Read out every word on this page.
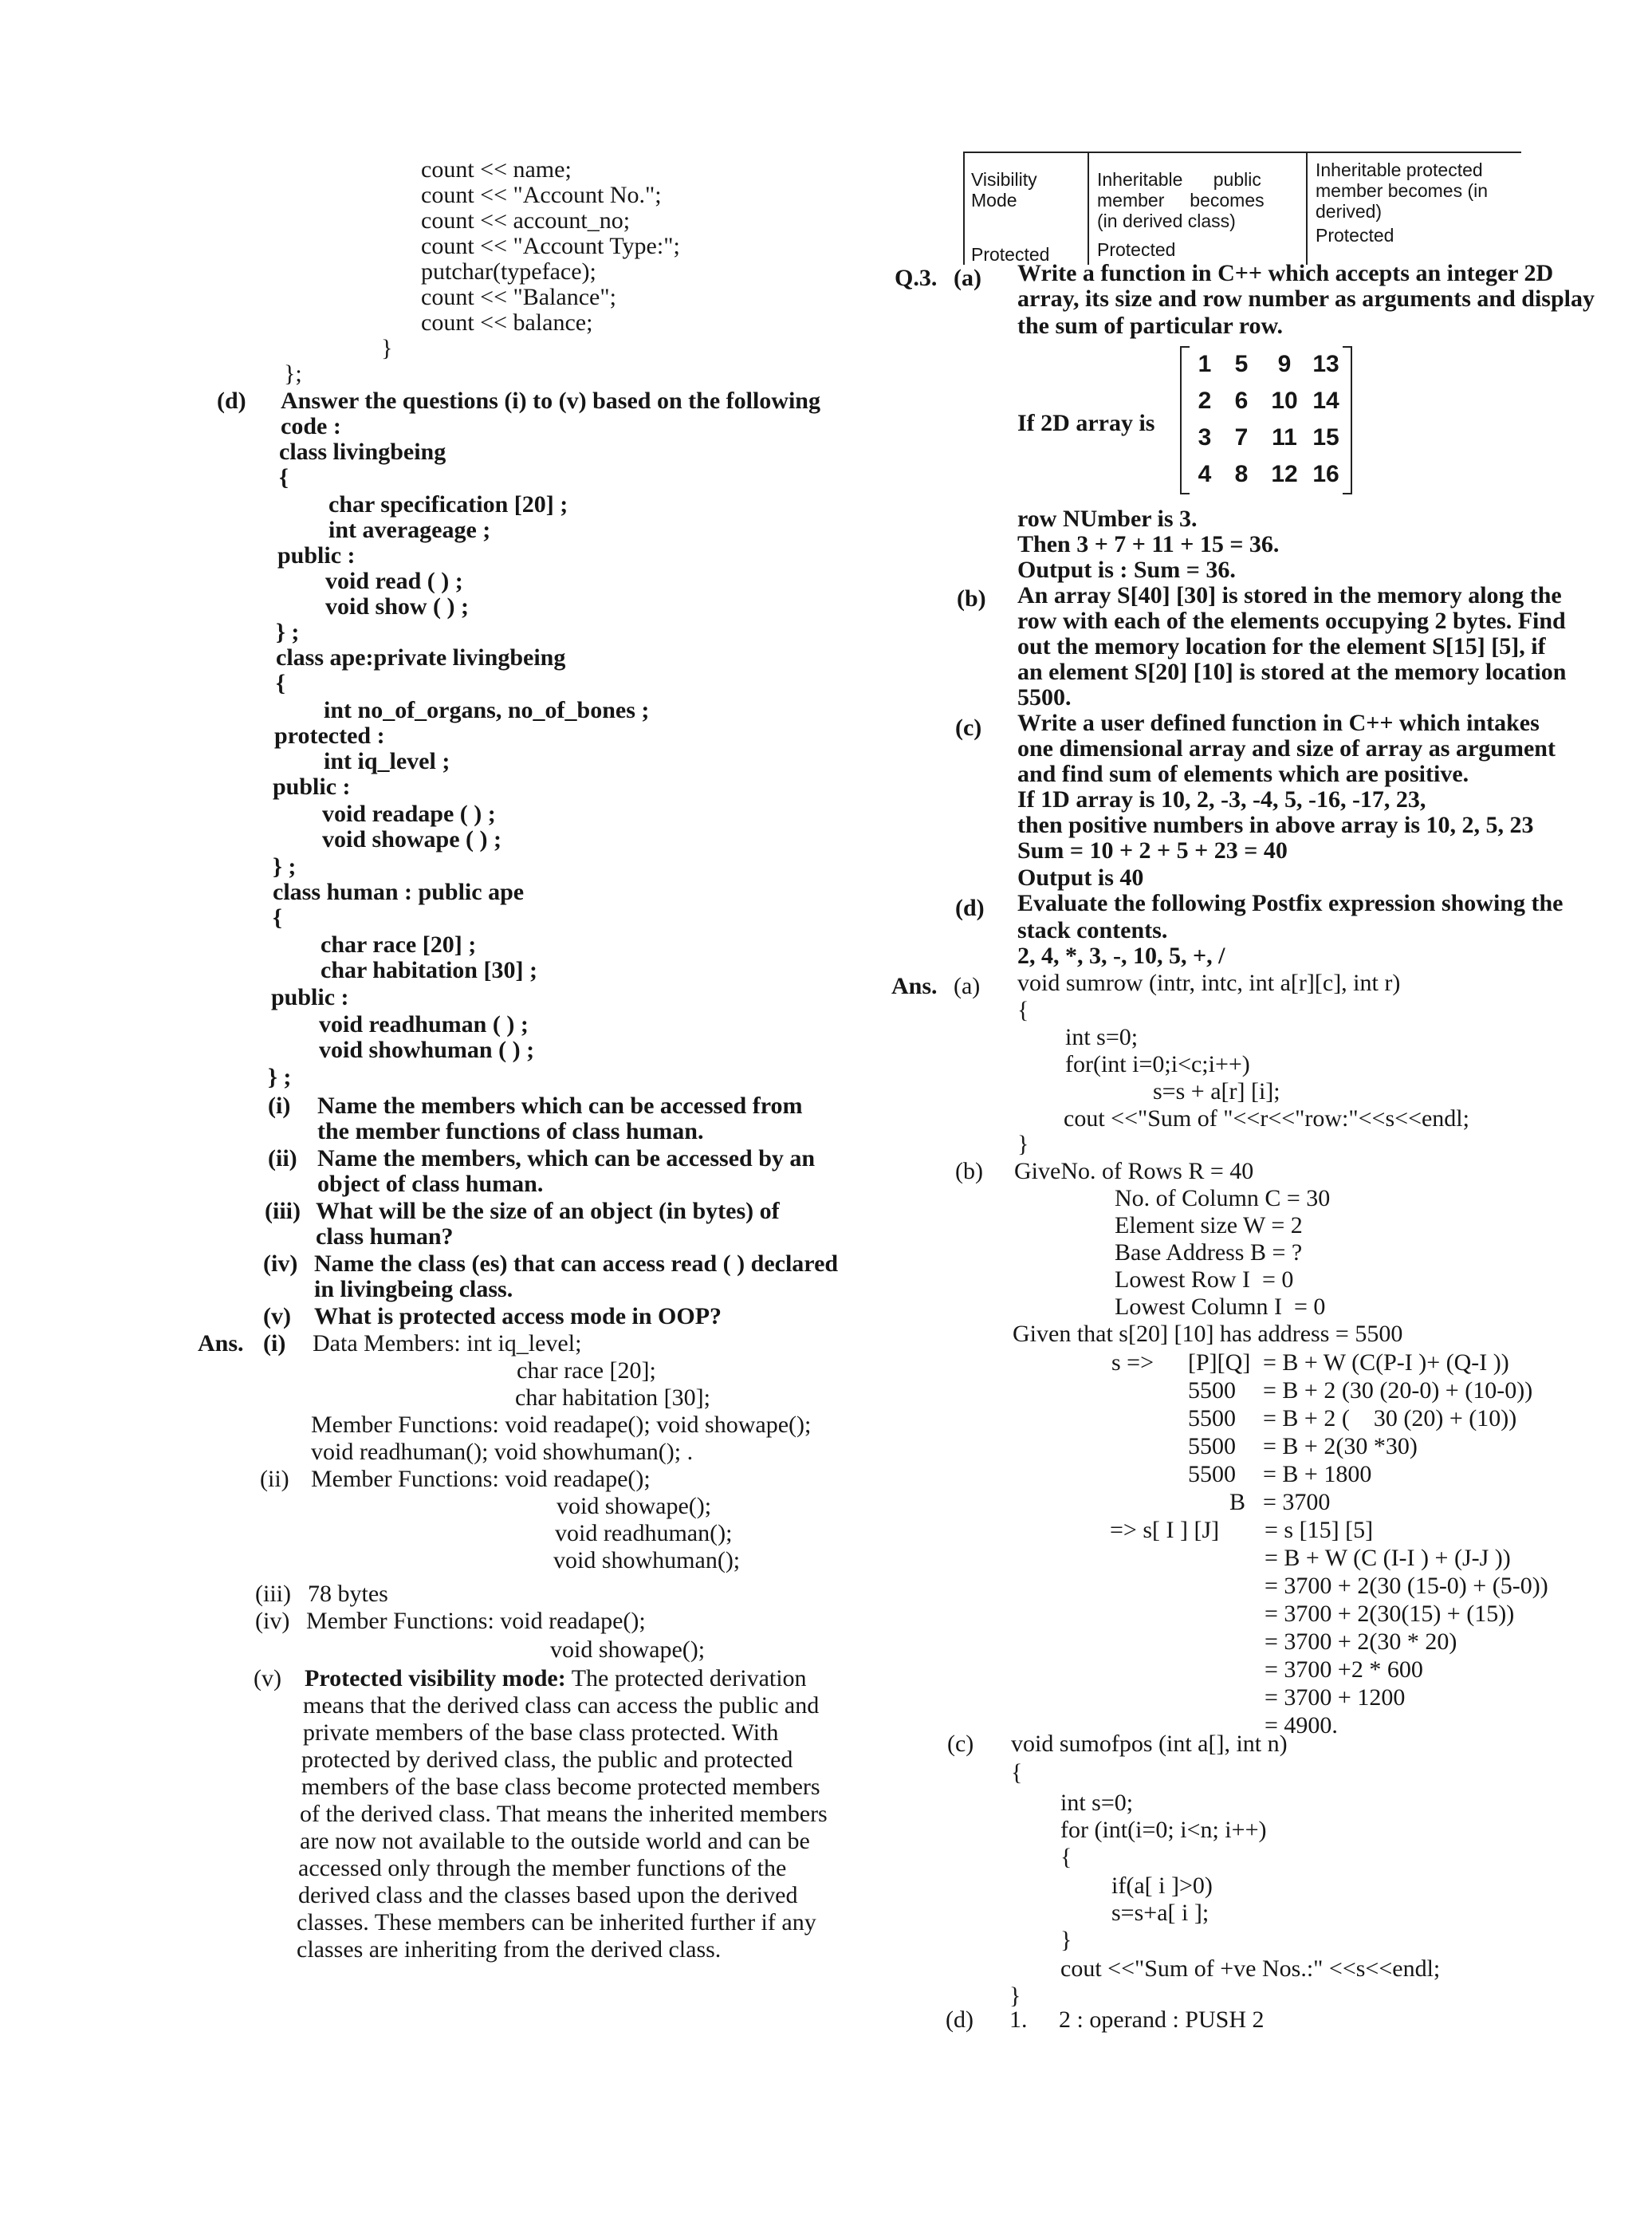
count << name;
count << "Account No.";
count << account_no;
count << "Account Type:";
putchar(typeface);
count << "Balance";
count << balance;
}
};
(d) Answer the questions (i) to (v) based on the following
code :
class livingbeing
{
char specification [20] ;
int averageage ;
public :
void read ( ) ;
void show ( ) ;
} ;
class ape:private livingbeing
{
int no_of_organs, no_of_bones ;
protected :
int iq_level ;
public :
void readape ( ) ;
void showape ( ) ;
} ;
class human : public ape
{
char race [20] ;
char habitation [30] ;
public :
void readhuman ( ) ;
void showhuman ( ) ;
} ;
(i) Name the members which can be accessed from
the member functions of class human.
(ii) Name the members, which can be accessed by an
object of class human.
(iii) What will be the size of an object (in bytes) of
class human?
(iv) Name the class (es) that can access read ( ) declared
in livingbeing class.
(v) What is protected access mode in OOP?
Ans. (i) Data Members: int iq_level;
char race [20];
char habitation [30];
Member Functions: void readape(); void showape();
void readhuman(); void showhuman(); .
(ii) Member Functions: void readape();
void showape();
void readhuman();
void showhuman();
(iii) 78 bytes
(iv) Member Functions: void readape();
void showape();
(v) Protected visibility mode: The protected derivation
means that the derived class can access the public and
private members of the base class protected. With
protected by derived class, the public and protected
members of the base class become protected members
of the derived class. That means the inherited members
are now not available to the outside world and can be
accessed only through the member functions of the
derived class and the classes based upon the derived
classes. These members can be inherited further if any
classes are inheriting from the derived class.
Visibility
Mode
Protected
Inheritable      public
member     becomes
(in derived class)
Protected
Inheritable protected
member becomes (in
derived)
Protected
Q.3. (a) Write a function in C++ which accepts an integer 2D
array, its size and row number as arguments and display
the sum of particular row.
If 2D array is
1 5	9 13
2 6 10 14
3 7 11 15
4 8 12 16
row NUmber is 3.
Then 3 + 7 + 11 + 15 = 36.
Output is : Sum = 36.
(b) An array S[40] [30] is stored in the memory along the
row with each of the elements occupying 2 bytes. Find
out the memory location for the element S[15] [5], if
an element S[20] [10] is stored at the memory location
5500.
(c) Write a user defined function in C++ which intakes
one dimensional array and size of array as argument
and find sum of elements which are positive.
If 1D array is 10, 2, -3, -4, 5, -16, -17, 23,
then positive numbers in above array is 10, 2, 5, 23
Sum = 10 + 2 + 5 + 23 = 40
Output is 40
(d) Evaluate the following Postfix expression showing the
stack contents.
2, 4, *, 3, -, 10, 5, +, /
Ans. (a) void sumrow (intr, intc, int a[r][c], int r)
{
int s=0;
for(int i=0;i<c;i++)
s=s + a[r] [i];
cout <<"Sum of "<<r<<"row:"<<s<<endl;
}
(b) GiveNo. of Rows R = 40
No. of Column C = 30
Element size W = 2
Base Address B = ?
Lowest Row I  = 0
Lowest Column I  = 0
Given that s[20] [10] has address = 5500
s => [P][Q] = B + W (C(P-I )+ (Q-I ))
5500 = B + 2 (30 (20-0) + (10-0))
5500 = B + 2 (    30 (20) + (10))
5500 = B + 2(30 *30)
5500 = B + 1800
B = 3700
=> s[ I ] [J] = s [15] [5]
= B + W (C (I-I ) + (J-J ))
= 3700 + 2(30 (15-0) + (5-0))
= 3700 + 2(30(15) + (15))
= 3700 + 2(30 * 20)
= 3700 +2 * 600
= 3700 + 1200
= 4900.
(c) void sumofpos (int a[], int n)
{
int s=0;
for (int(i=0; i<n; i++)
{
if(a[ i ]>0)
s=s+a[ i ];
}
cout <<"Sum of +ve Nos.:" <<s<<endl;
}
(d) 1. 2 : operand : PUSH 2
